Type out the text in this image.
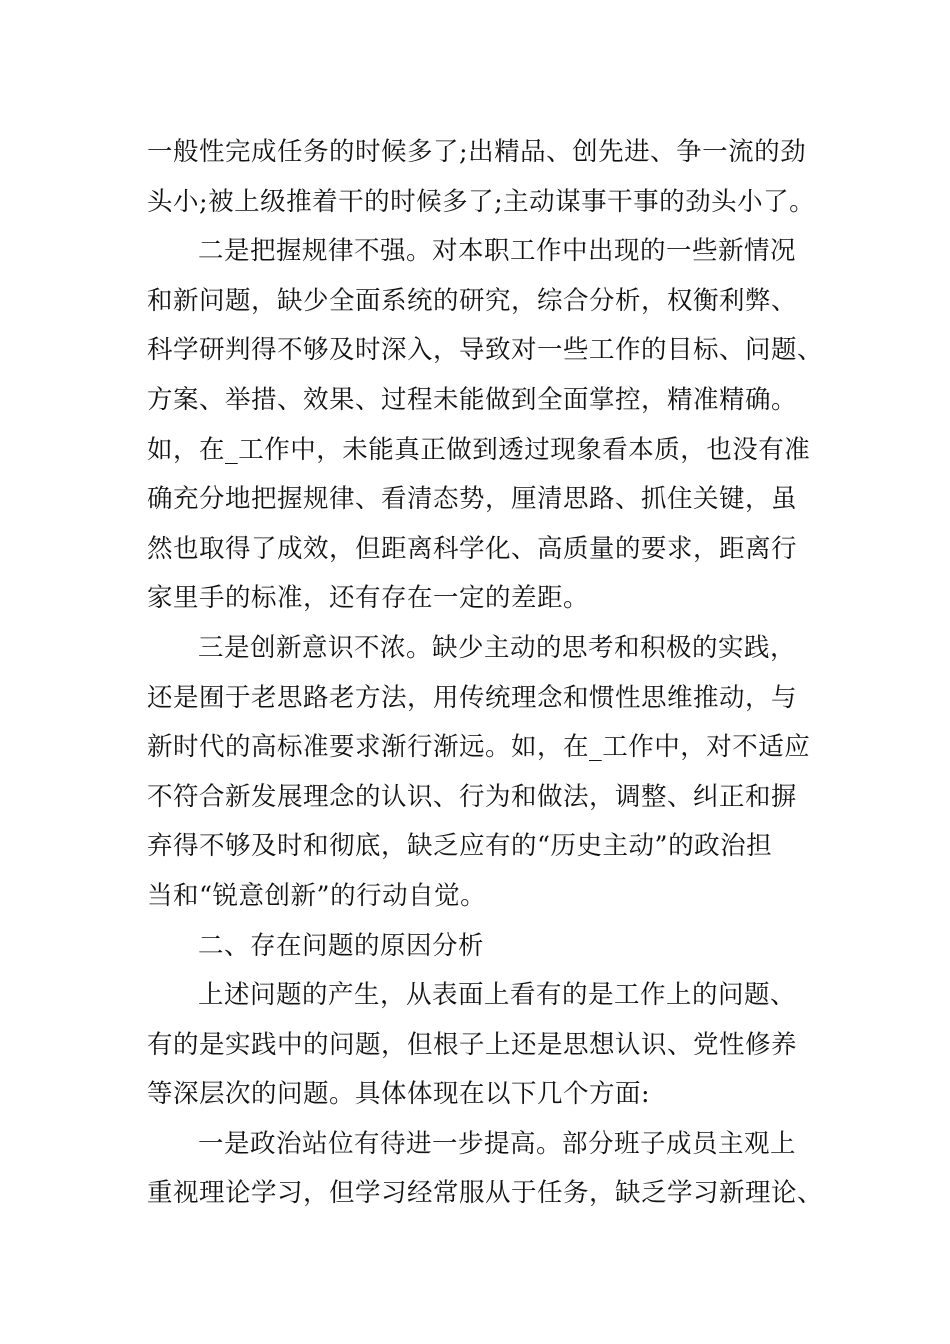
一般性完成任务的时候多了;出精品、创先进、争一流的劲
头小;被上级推着干的时候多了;主动谋事干事的劲头小了。
二是把握规律不强。对本职工作中出现的一些新情况
和新问题，缺少全面系统的研究，综合分析，权衡利弊、
科学研判得不够及时深入，导致对一些工作的目标、问题、
方案、举措、效果、过程未能做到全面掌控，精准精确。
如，在_工作中，未能真正做到透过现象看本质，也没有准
确充分地把握规律、看清态势，厘清思路、抓住关键，虽
然也取得了成效，但距离科学化、高质量的要求，距离行
家里手的标准，还有存在一定的差距。
三是创新意识不浓。缺少主动的思考和积极的实践，
还是囿于老思路老方法，用传统理念和惯性思维推动，与
新时代的高标准要求渐行渐远。如，在_工作中，对不适应
不符合新发展理念的认识、行为和做法，调整、纠正和摒
弃得不够及时和彻底，缺乏应有的“历史主动”的政治担
当和“锐意创新”的行动自觉。
二、存在问题的原因分析
上述问题的产生，从表面上看有的是工作上的问题、
有的是实践中的问题，但根子上还是思想认识、党性修养
等深层次的问题。具体体现在以下几个方面:
一是政治站位有待进一步提高。部分班子成员主观上
重视理论学习，但学习经常服从于任务，缺乏学习新理论、
